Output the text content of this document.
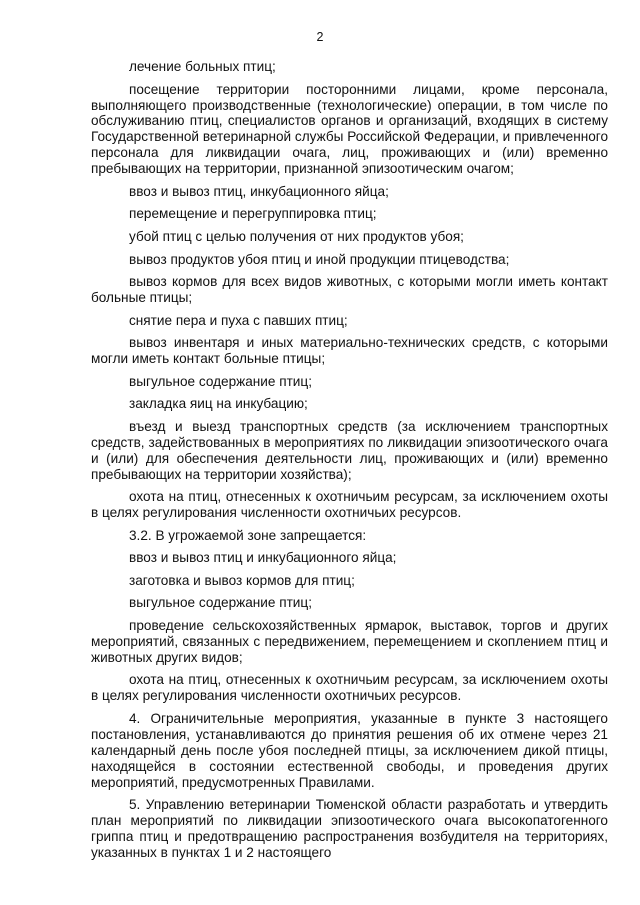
2

лечение больных птиц;

посещение территории посторонними лицами, кроме персонала, выполняющего производственные (технологические) операции, в том числе по обслуживанию птиц, специалистов органов и организаций, входящих в систему Государственной ветеринарной службы Российской Федерации, и привлеченного персонала для ликвидации очага, лиц, проживающих и (или) временно пребывающих на территории, признанной эпизоотическим очагом;

ввоз и вывоз птиц, инкубационного яйца;

перемещение и перегруппировка птиц;

убой птиц с целью получения от них продуктов убоя;

вывоз продуктов убоя птиц и иной продукции птицеводства;

вывоз кормов для всех видов животных, с которыми могли иметь контакт больные птицы;

снятие пера и пуха с павших птиц;

вывоз инвентаря и иных материально-технических средств, с которыми могли иметь контакт больные птицы;

выгульное содержание птиц;

закладка яиц на инкубацию;

въезд и выезд транспортных средств (за исключением транспортных средств, задействованных в мероприятиях по ликвидации эпизоотического очага и (или) для обеспечения деятельности лиц, проживающих и (или) временно пребывающих на территории хозяйства);

охота на птиц, отнесенных к охотничьим ресурсам, за исключением охоты в целях регулирования численности охотничьих ресурсов.

3.2. В угрожаемой зоне запрещается:

ввоз и вывоз птиц и инкубационного яйца;

заготовка и вывоз кормов для птиц;

выгульное содержание птиц;

проведение сельскохозяйственных ярмарок, выставок, торгов и других мероприятий, связанных с передвижением, перемещением и скоплением птиц и животных других видов;

охота на птиц, отнесенных к охотничьим ресурсам, за исключением охоты в целях регулирования численности охотничьих ресурсов.

4. Ограничительные мероприятия, указанные в пункте 3 настоящего постановления, устанавливаются до принятия решения об их отмене через 21 календарный день после убоя последней птицы, за исключением дикой птицы, находящейся в состоянии естественной свободы, и проведения других мероприятий, предусмотренных Правилами.

5. Управлению ветеринарии Тюменской области разработать и утвердить план мероприятий по ликвидации эпизоотического очага высокопатогенного гриппа птиц и предотвращению распространения возбудителя на территориях, указанных в пунктах 1 и 2 настоящего
